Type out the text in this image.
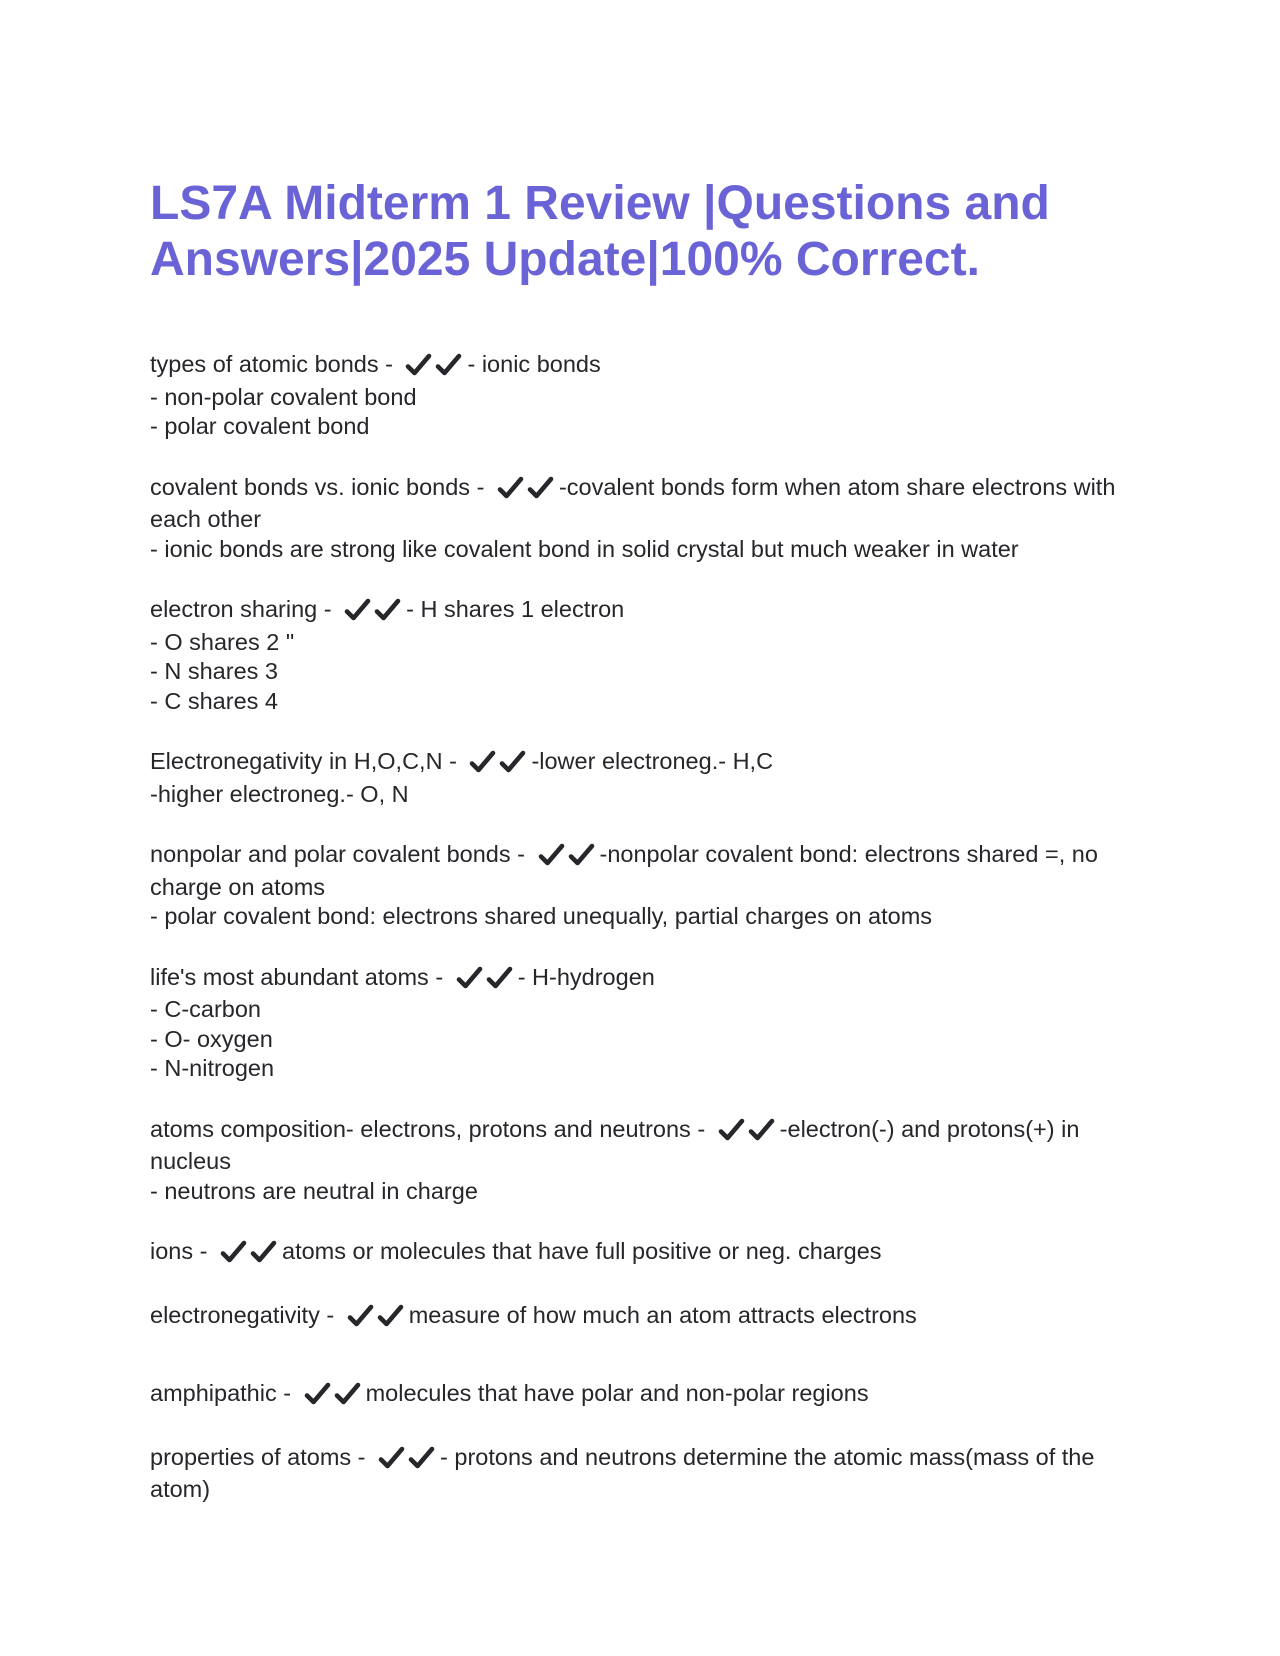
LS7A Midterm 1 Review |Questions and Answers|2025 Update|100% Correct.
types of atomic bonds -	- ionic bonds
- non-polar covalent bond
- polar covalent bond
covalent bonds vs. ionic bonds -	-covalent bonds form when atom share electrons with each other
- ionic bonds are strong like covalent bond in solid crystal but much weaker in water
electron sharing -	- H shares 1 electron
- O shares 2 "
- N shares 3
- C shares 4
Electronegativity in H,O,C,N -	-lower electroneg.- H,C
-higher electroneg.- O, N
nonpolar and polar covalent bonds -	-nonpolar covalent bond: electrons shared =, no charge on atoms
- polar covalent bond: electrons shared unequally, partial charges on atoms
life's most abundant atoms -	- H-hydrogen
- C-carbon
- O- oxygen
- N-nitrogen
atoms composition- electrons, protons and neutrons -	-electron(-) and protons(+) in nucleus
- neutrons are neutral in charge
ions -	atoms or molecules that have full positive or neg. charges
electronegativity -	measure of how much an atom attracts electrons
amphipathic -	molecules that have polar and non-polar regions
properties of atoms -	- protons and neutrons determine the atomic mass(mass of the atom)
